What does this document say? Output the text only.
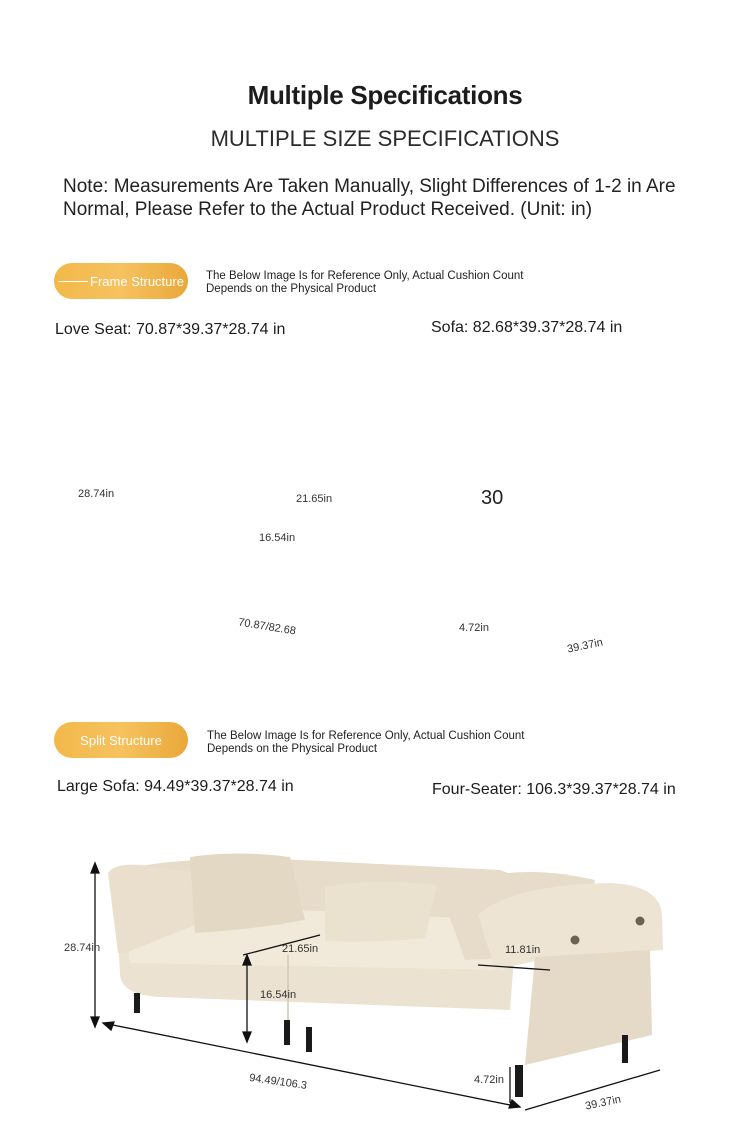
Multiple Specifications
MULTIPLE SIZE SPECIFICATIONS
Note: Measurements Are Taken Manually, Slight Differences of 1-2 in Are Normal, Please Refer to the Actual Product Received. (Unit: in)
Frame Structure The Below Image Is for Reference Only, Actual Cushion Count
Depends on the Physical Product
Love Seat: 70.87*39.37*28.74 in	Sofa: 82.68*39.37*28.74 in
28.74in	21.65in
16.54in
30
70.87/82.68	4.72in
39.37in
Split Structure	The Below Image Is for Reference Only, Actual Cushion Count
Depends on the Physical Product
Large Sofa: 94.49*39.37*28.74 in	Four-Seater: 106.3*39.37*28.74 in
28.74in	21.65in
16.54in
11.81in
94.49/106.3	4.72in
39.37in
